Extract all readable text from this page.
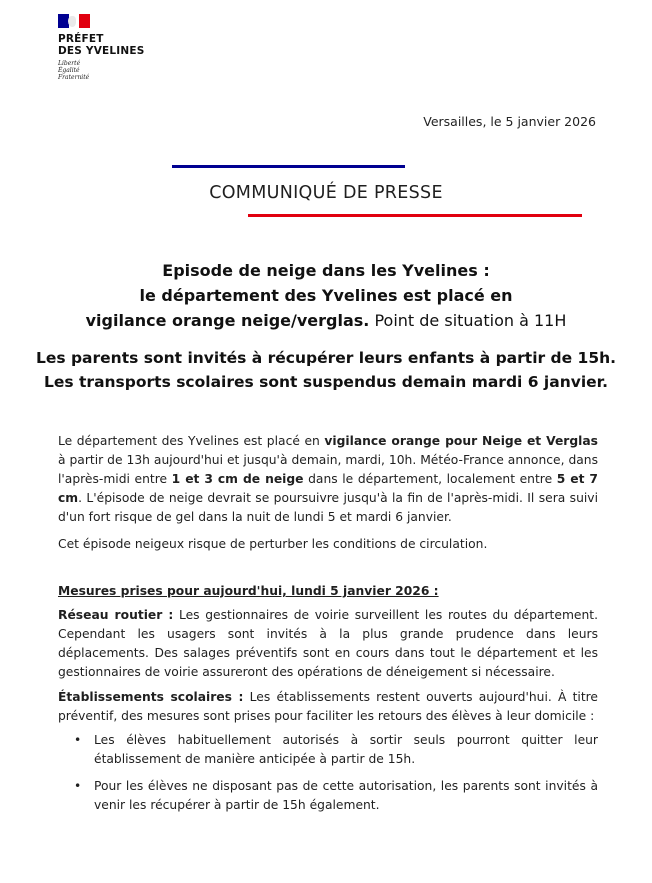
PRÉFET
DES YVELINES
Liberté
Égalité
Fraternité
Versailles, le 5 janvier 2026
COMMUNIQUÉ DE PRESSE
Episode de neige dans les Yvelines :
le département des Yvelines est placé en
vigilance orange neige/verglas. Point de situation à 11H
Les parents sont invités à récupérer leurs enfants à partir de 15h.
Les transports scolaires sont suspendus demain mardi 6 janvier.

Le département des Yvelines est placé en vigilance orange pour Neige et Verglas à partir de 13h aujourd'hui et jusqu'à demain, mardi, 10h. Météo-France annonce, dans l'après-midi entre 1 et 3 cm de neige dans le département, localement entre 5 et 7 cm. L'épisode de neige devrait se poursuivre jusqu'à la fin de l'après-midi. Il sera suivi d'un fort risque de gel dans la nuit de lundi 5 et mardi 6 janvier.

Cet épisode neigeux risque de perturber les conditions de circulation.

Mesures prises pour aujourd'hui, lundi 5 janvier 2026 :

Réseau routier : Les gestionnaires de voirie surveillent les routes du département. Cependant les usagers sont invités à la plus grande prudence dans leurs déplacements. Des salages préventifs sont en cours dans tout le département et les gestionnaires de voirie assureront des opérations de déneigement si nécessaire.

Établissements scolaires : Les établissements restent ouverts aujourd'hui. À titre préventif, des mesures sont prises pour faciliter les retours des élèves à leur domicile :

• Les élèves habituellement autorisés à sortir seuls pourront quitter leur établissement de manière anticipée à partir de 15h.
• Pour les élèves ne disposant pas de cette autorisation, les parents sont invités à venir les récupérer à partir de 15h également.
